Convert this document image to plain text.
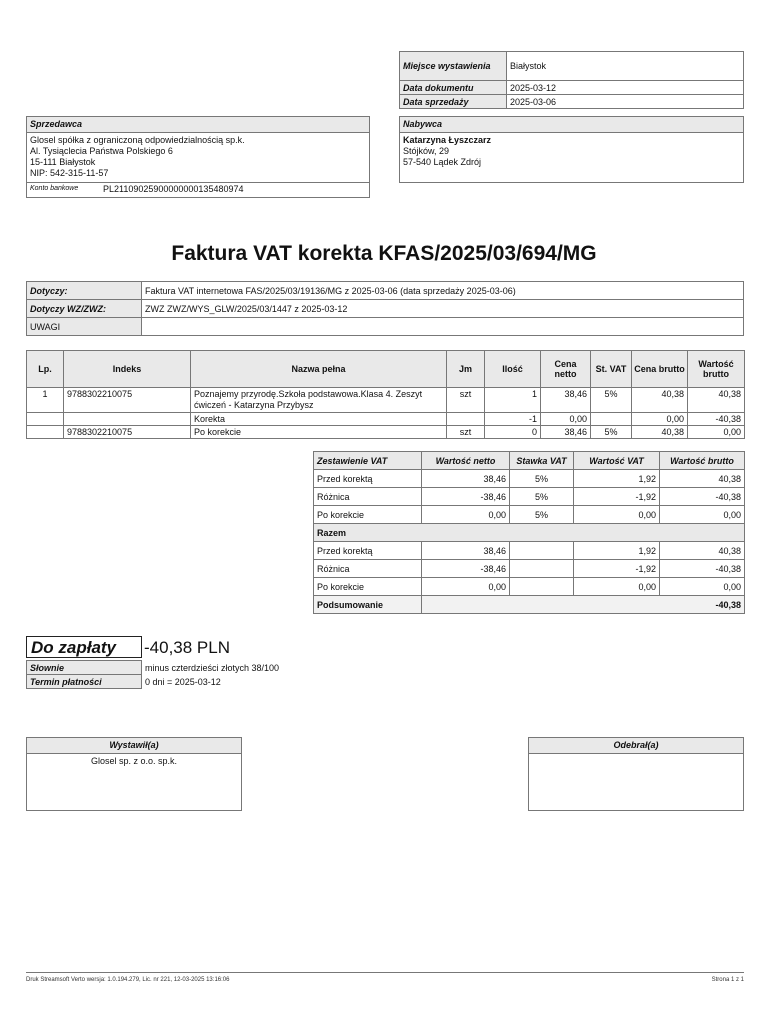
Miejsce wystawienia	Białystok
Data dokumentu	2025-03-12
Data sprzedaży	2025-03-06
Sprzedawca
Glosel spółka z ograniczoną odpowiedzialnością sp.k.
Al. Tysiąclecia Państwa Polskiego 6
15-111 Białystok
NIP: 542-315-11-57
Konto bankowe	PL21109025900000000135480974
Nabywca
Katarzyna Łyszczarz
Stójków, 29
57-540 Lądek Zdrój
Faktura VAT korekta KFAS/2025/03/694/MG
Dotyczy:	Faktura VAT internetowa FAS/2025/03/19136/MG z 2025-03-06 (data sprzedaży 2025-03-06)
Dotyczy WZ/ZWZ:	ZWZ ZWZ/WYS_GLW/2025/03/1447 z 2025-03-12
UWAGI	
Lp.	Indeks	Nazwa pełna	Jm	Ilość	Cena netto	St. VAT	Cena brutto	Wartość brutto
1	9788302210075	Poznajemy przyrodę.Szkoła podstawowa.Klasa 4. Zeszyt ćwiczeń - Katarzyna Przybysz	szt	1	38,46	5%	40,38	40,38
		Korekta		-1	0,00		0,00	-40,38
	9788302210075	Po korekcie	szt	0	38,46	5%	40,38	0,00
Zestawienie VAT	Wartość netto	Stawka VAT	Wartość VAT	Wartość brutto
Przed korektą	38,46	5%	1,92	40,38
Różnica	-38,46	5%	-1,92	-40,38
Po korekcie	0,00	5%	0,00	0,00
Razem				
Przed korektą	38,46		1,92	40,38
Różnica	-38,46		-1,92	-40,38
Po korekcie	0,00		0,00	0,00
Podsumowanie	-40,38			
Do zapłaty	-40,38 PLN
Słownie	minus czterdzieści złotych 38/100
Termin płatności	0 dni = 2025-03-12
Wystawił(a)
Glosel sp. z o.o. sp.k.
Odebrał(a)
Druk Streamsoft Verto wersja: 1.0.194.279, Lic. nr 221, 12-03-2025 13:16:06	Strona 1 z 1
